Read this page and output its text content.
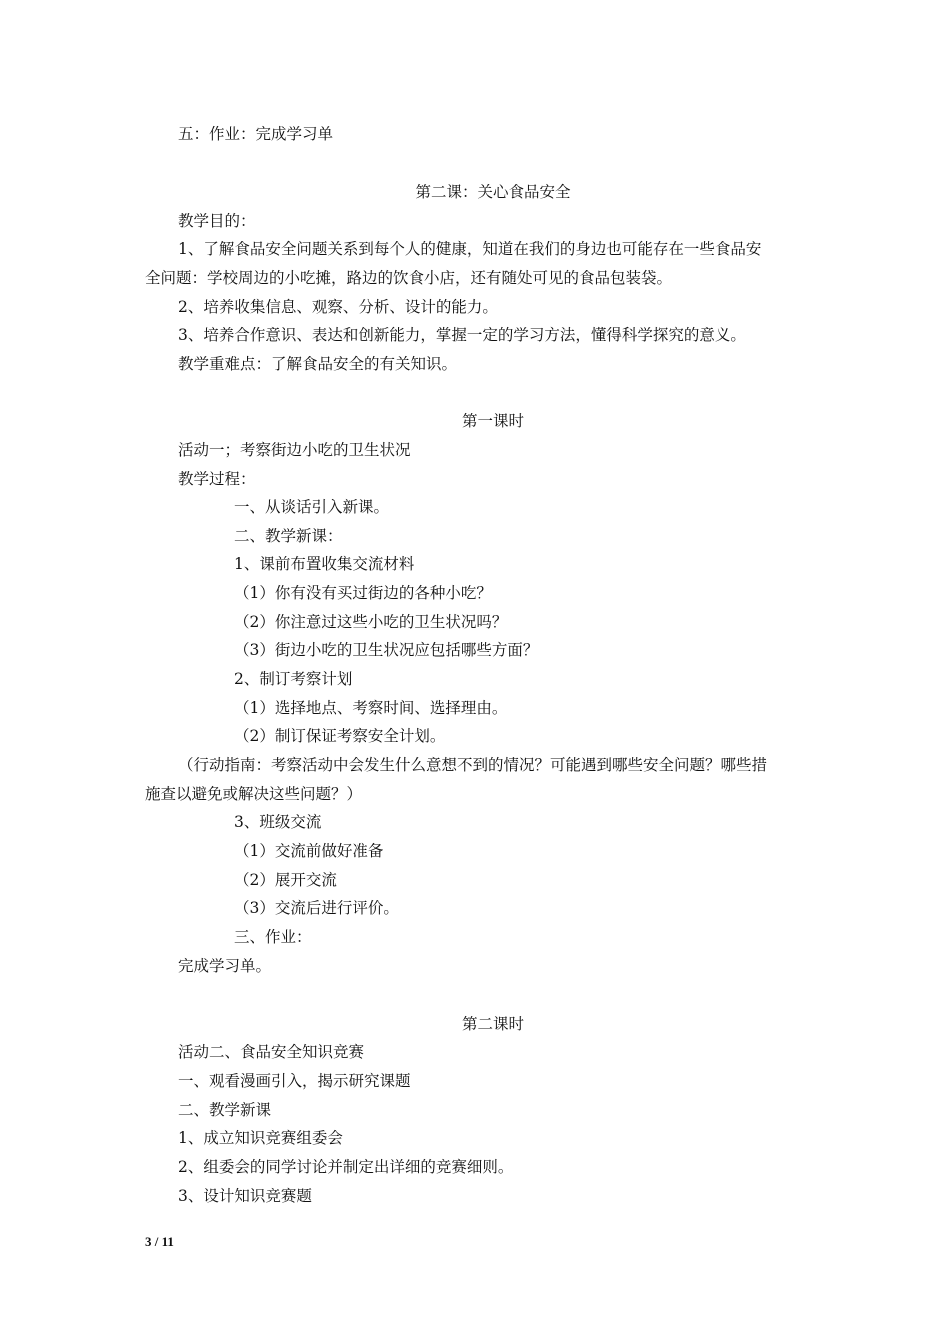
五：作业：完成学习单
第二课：关心食品安全
教学目的：
1、了解食品安全问题关系到每个人的健康，知道在我们的身边也可能存在一些食品安
全问题：学校周边的小吃摊，路边的饮食小店，还有随处可见的食品包装袋。
2、培养收集信息、观察、分析、设计的能力。
3、培养合作意识、表达和创新能力，掌握一定的学习方法，懂得科学探究的意义。
教学重难点：了解食品安全的有关知识。
第一课时
活动一；考察街边小吃的卫生状况
教学过程：
一、从谈话引入新课。
二、教学新课：
1、课前布置收集交流材料
（1）你有没有买过街边的各种小吃？
（2）你注意过这些小吃的卫生状况吗？
（3）街边小吃的卫生状况应包括哪些方面？
2、制订考察计划
（1）选择地点、考察时间、选择理由。
（2）制订保证考察安全计划。
（行动指南：考察活动中会发生什么意想不到的情况？可能遇到哪些安全问题？哪些措
施查以避免或解决这些问题？）
3、班级交流
（1）交流前做好准备
（2）展开交流
（3）交流后进行评价。
三、作业：
完成学习单。
第二课时
活动二、食品安全知识竞赛
一、观看漫画引入，揭示研究课题
二、教学新课
1、成立知识竞赛组委会
2、组委会的同学讨论并制定出详细的竞赛细则。
3、设计知识竞赛题
3 / 11
